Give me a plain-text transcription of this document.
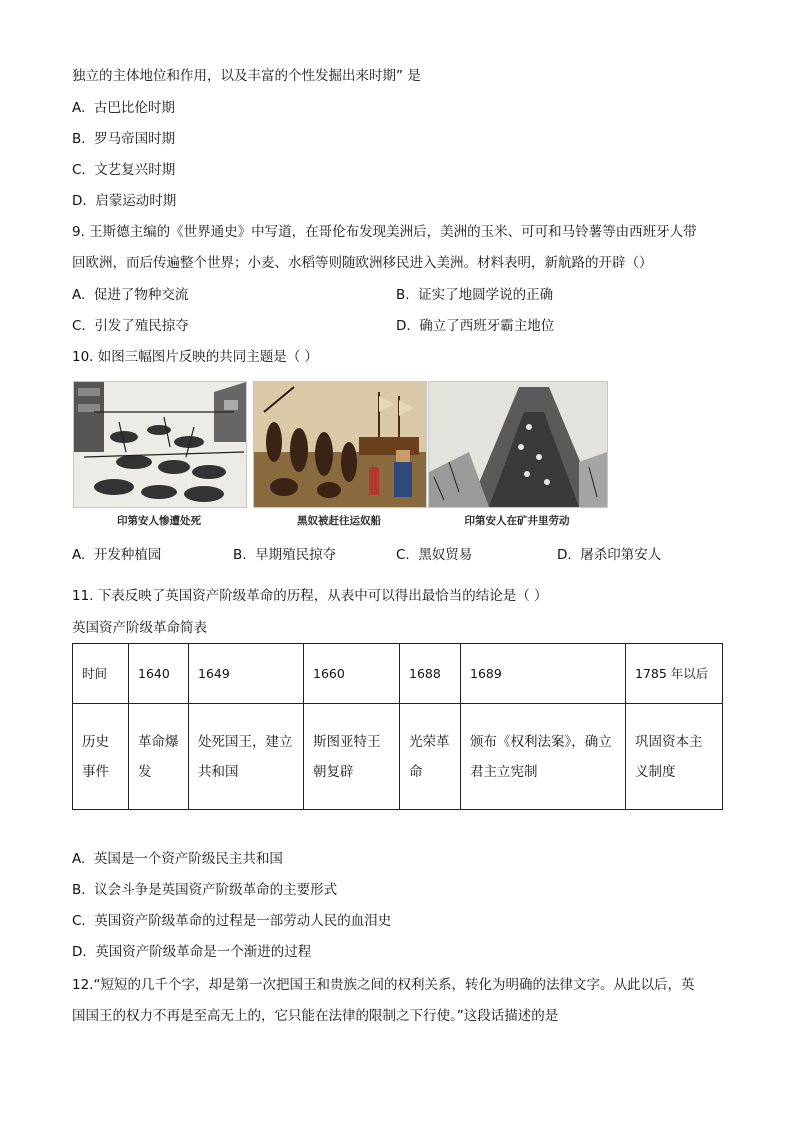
独立的主体地位和作用，以及丰富的个性发掘出来时期” 是
A. 古巴比伦时期
B. 罗马帝国时期
C. 文艺复兴时期
D. 启蒙运动时期
9. 王斯德主编的《世界通史》中写道，在哥伦布发现美洲后，美洲的玉米、可可和马铃薯等由西班牙人带
回欧洲，而后传遍整个世界；小麦、水稻等则随欧洲移民进入美洲。材料表明，新航路的开辟（）
A. 促进了物种交流	B. 证实了地圆学说的正确
C. 引发了殖民掠夺	D. 确立了西班牙霸主地位
10. 如图三幅图片反映的共同主题是（ ）
印第安人惨遭处死	黑奴被赶往运奴船	印第安人在矿井里劳动
A. 开发种植园	B. 早期殖民掠夺	C. 黑奴贸易	D. 屠杀印第安人
11. 下表反映了英国资产阶级革命的历程，从表中可以得出最恰当的结论是（ ）
英国资产阶级革命简表
时间	1640	1649	1660	1688	1689	1785 年以后
历史事件	革命爆发	处死国王，建立共和国	斯图亚特王朝复辟	光荣革命	颁布《权利法案》，确立君主立宪制	巩固资本主义制度
A. 英国是一个资产阶级民主共和国
B. 议会斗争是英国资产阶级革命的主要形式
C. 英国资产阶级革命的过程是一部劳动人民的血泪史
D. 英国资产阶级革命是一个渐进的过程
12.“短短的几千个字，却是第一次把国王和贵族之间的权利关系，转化为明确的法律文字。从此以后，英
国国王的权力不再是至高无上的，它只能在法律的限制之下行使。”这段话描述的是
